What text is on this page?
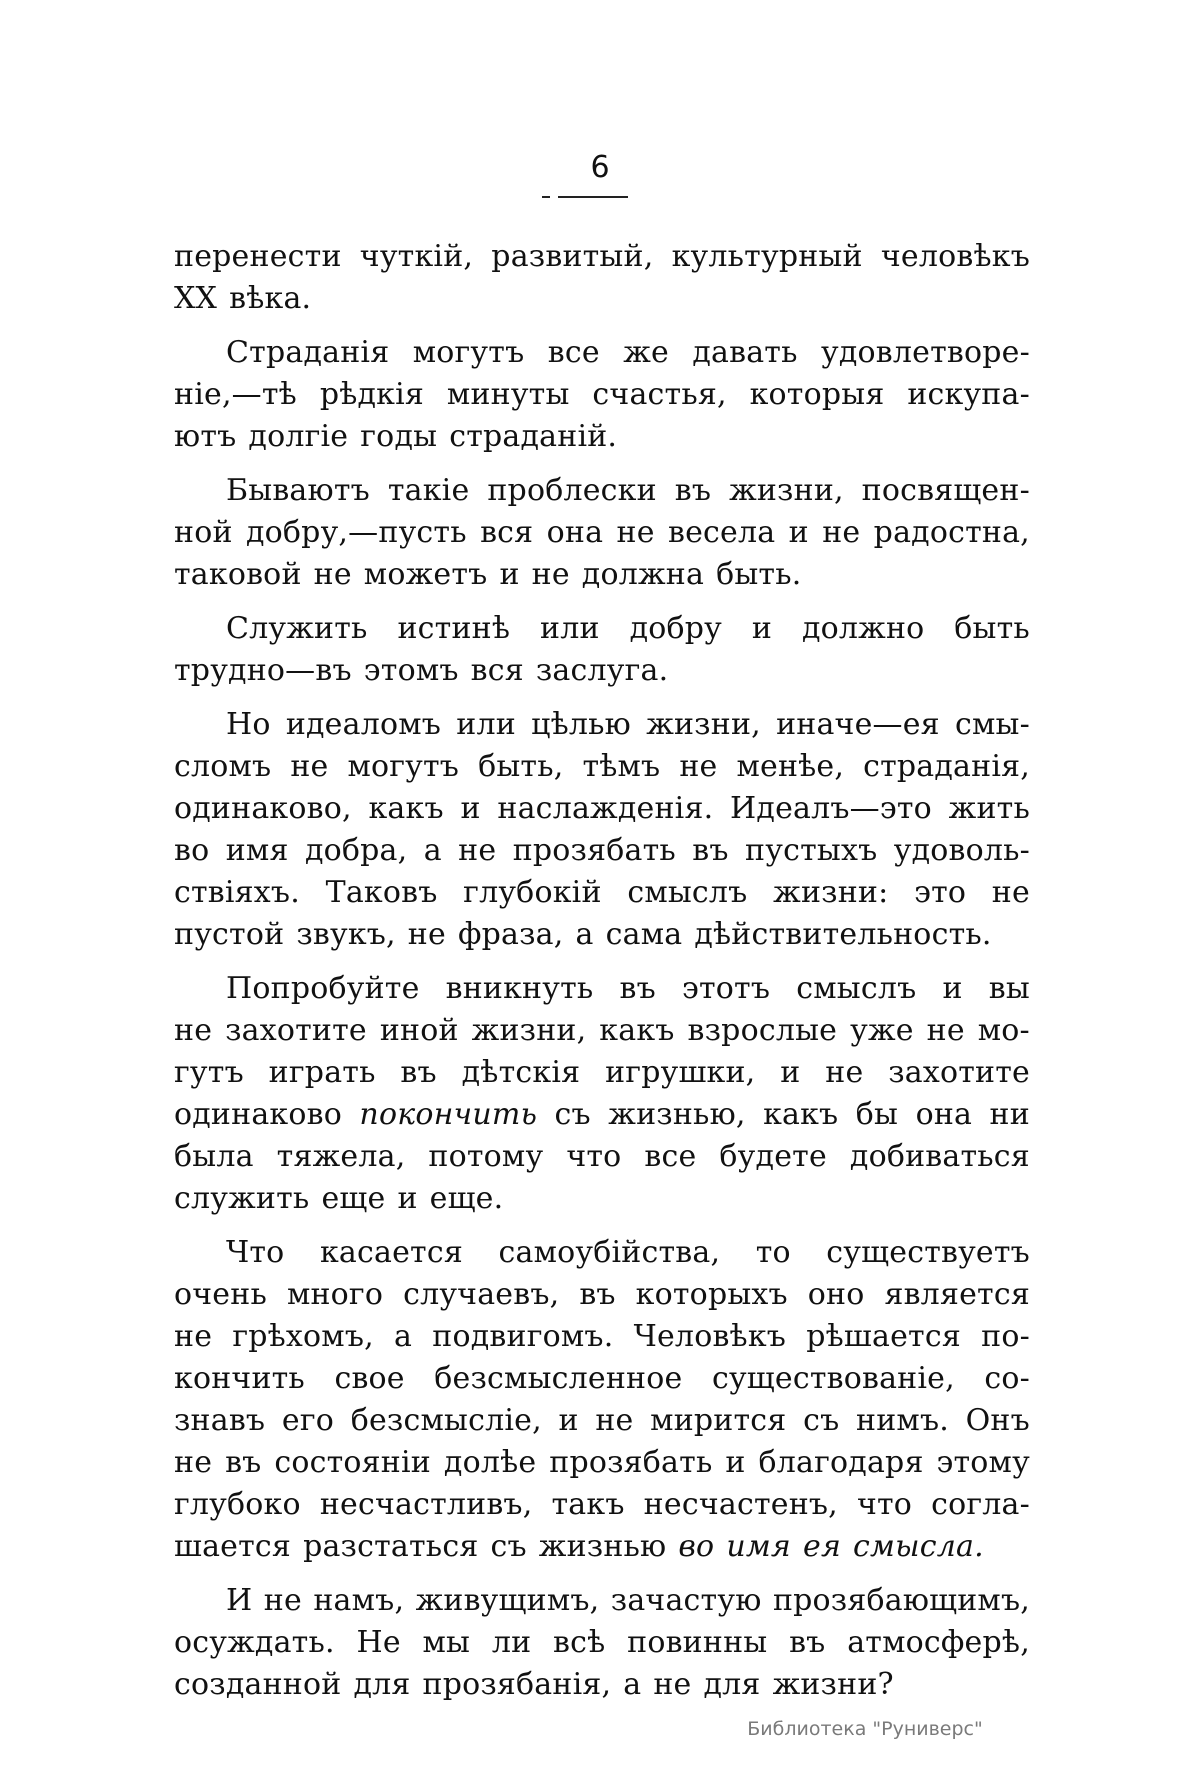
6
перенести чуткій, развитый, культурный человѣкъ
XX вѣка.
Страданія могутъ все же давать удовлетворе-
ніе,—тѣ рѣдкія минуты счастья, которыя искупа-
ютъ долгіе годы страданій.
Бываютъ такіе проблески въ жизни, посвящен-
ной добру,—пусть вся она не весела и не радостна,
таковой не можетъ и не должна быть.
Служить истинѣ или добру и должно быть
трудно—въ этомъ вся заслуга.
Но идеаломъ или цѣлью жизни, иначе—ея смы-
сломъ не могутъ быть, тѣмъ не менѣе, страданія,
одинаково, какъ и наслажденія. Идеалъ—это жить
во имя добра, а не прозябать въ пустыхъ удоволь-
ствіяхъ. Таковъ глубокій смыслъ жизни: это не
пустой звукъ, не фраза, а сама дѣйствительность.
Попробуйте вникнуть въ этотъ смыслъ и вы
не захотите иной жизни, какъ взрослые уже не мо-
гутъ играть въ дѣтскія игрушки, и не захотите
одинаково покончить съ жизнью, какъ бы она ни
была тяжела, потому что все будете добиваться
служить еще и еще.
Что касается самоубійства, то существуетъ
очень много случаевъ, въ которыхъ оно является
не грѣхомъ, а подвигомъ. Человѣкъ рѣшается по-
кончить свое безсмысленное существованіе, со-
знавъ его безсмысліе, и не мирится съ нимъ. Онъ
не въ состояніи долѣе прозябать и благодаря этому
глубоко несчастливъ, такъ несчастенъ, что согла-
шается разстаться съ жизнью во имя ея смысла.
И не намъ, живущимъ, зачастую прозябающимъ,
осуждать. Не мы ли всѣ повинны въ атмосферѣ,
созданной для прозябанія, а не для жизни?
Библиотека "Руниверс"
